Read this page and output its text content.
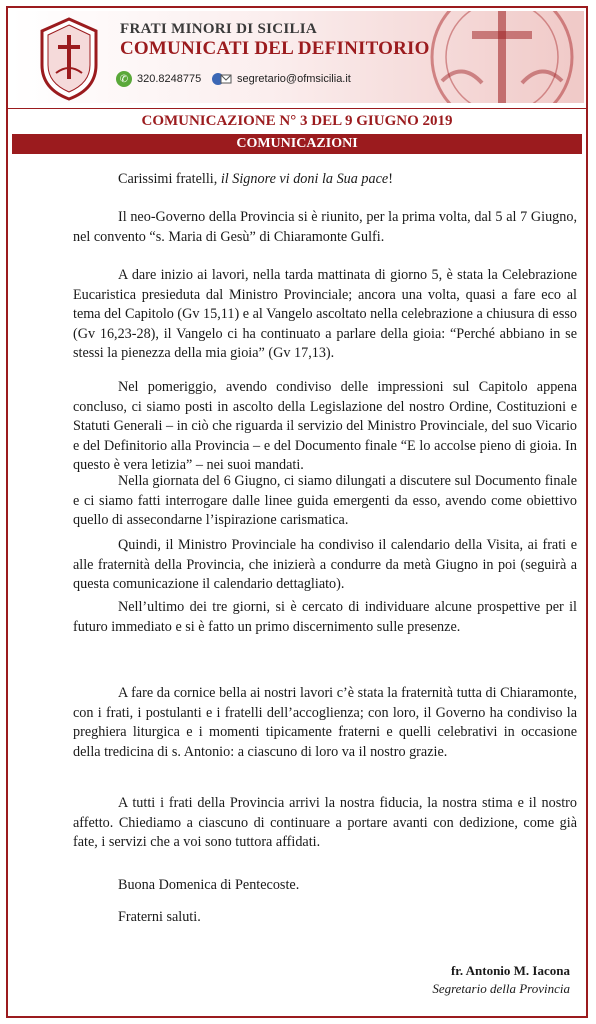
FRATI MINORI DI SICILIA
COMUNICATI DEL DEFINITORIO
✆ 320.8248775	segretario@ofmsicilia.it
COMUNICAZIONE N° 3 DEL 9 GIUGNO 2019
COMUNICAZIONI
Carissimi fratelli, il Signore vi doni la Sua pace!
Il neo-Governo della Provincia si è riunito, per la prima volta, dal 5 al 7 Giugno, nel convento “s. Maria di Gesù” di Chiaramonte Gulfi.
A dare inizio ai lavori, nella tarda mattinata di giorno 5, è stata la Celebrazione Eucaristica presieduta dal Ministro Provinciale; ancora una volta, quasi a fare eco al tema del Capitolo (Gv 15,11) e al Vangelo ascoltato nella celebrazione a chiusura di esso (Gv 16,23-28), il Vangelo ci ha continuato a parlare della gioia: “Perché abbiano in se stessi la pienezza della mia gioia” (Gv 17,13).
Nel pomeriggio, avendo condiviso delle impressioni sul Capitolo appena concluso, ci siamo posti in ascolto della Legislazione del nostro Ordine, Costituzioni e Statuti Generali – in ciò che riguarda il servizio del Ministro Provinciale, del suo Vicario e del Definitorio alla Provincia – e del Documento finale “E lo accolse pieno di gioia. In questo è vera letizia” – nei suoi mandati.
Nella giornata del 6 Giugno, ci siamo dilungati a discutere sul Documento finale e ci siamo fatti interrogare dalle linee guida emergenti da esso, avendo come obiettivo quello di assecondarne l’ispirazione carismatica.
Quindi, il Ministro Provinciale ha condiviso il calendario della Visita, ai frati e alle fraternità della Provincia, che inizierà a condurre da metà Giugno in poi (seguirà a questa comunicazione il calendario dettagliato).
Nell’ultimo dei tre giorni, si è cercato di individuare alcune prospettive per il futuro immediato e si è fatto un primo discernimento sulle presenze.
A fare da cornice bella ai nostri lavori c’è stata la fraternità tutta di Chiaramonte, con i frati, i postulanti e i fratelli dell’accoglienza; con loro, il Governo ha condiviso la preghiera liturgica e i momenti tipicamente fraterni e quelli celebrativi in occasione della tredicina di s. Antonio: a ciascuno di loro va il nostro grazie.
A tutti i frati della Provincia arrivi la nostra fiducia, la nostra stima e il nostro affetto. Chiediamo a ciascuno di continuare a portare avanti con dedizione, come già fate, i servizi che a voi sono tuttora affidati.
Buona Domenica di Pentecoste.
Fraterni saluti.
fr. Antonio M. Iacona
Segretario della Provincia
